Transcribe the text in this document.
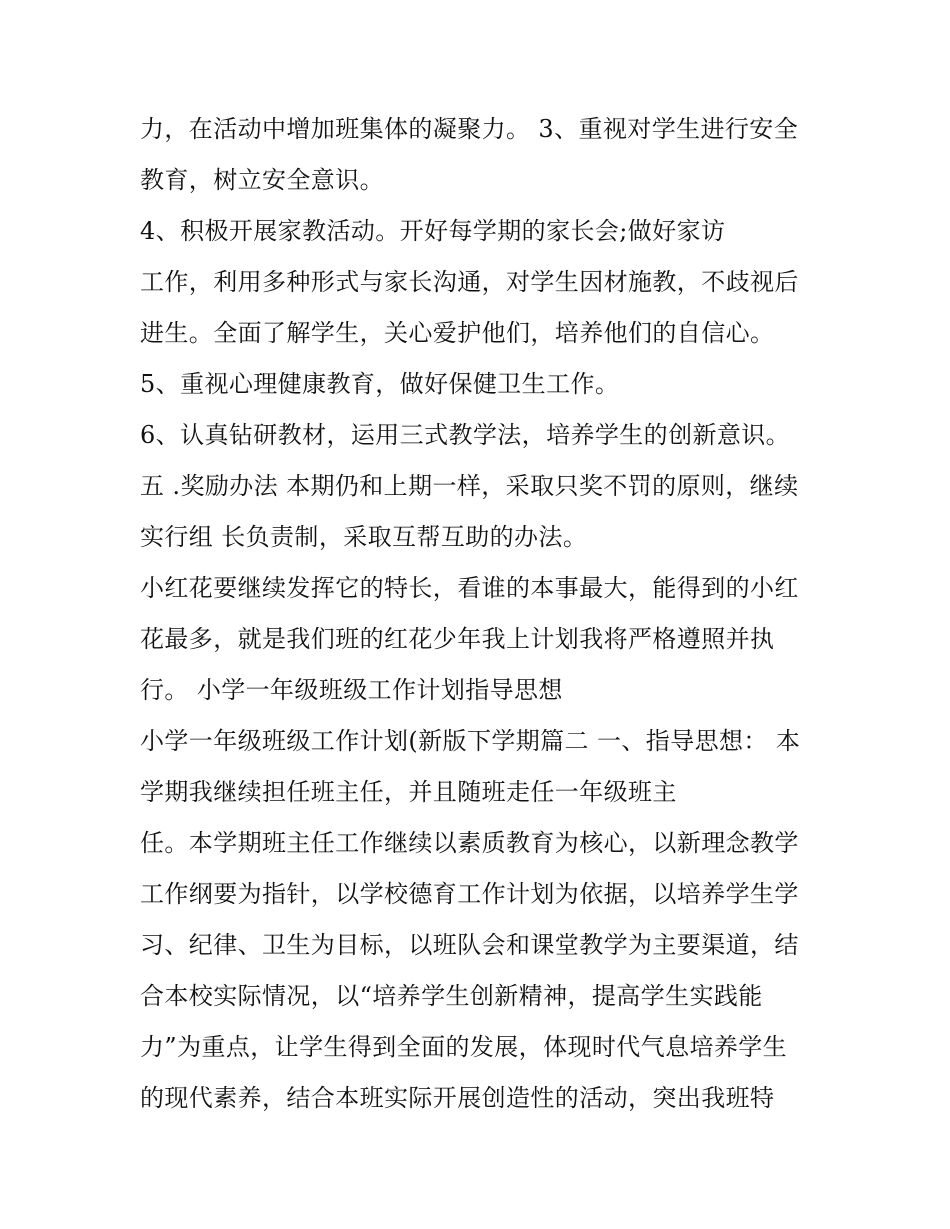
力，在活动中增加班集体的凝聚力。 3、重视对学生进行安全
教育，树立安全意识。
4、积极开展家教活动。开好每学期的家长会;做好家访
工作，利用多种形式与家长沟通，对学生因材施教，不歧视后
进生。全面了解学生，关心爱护他们，培养他们的自信心。
5、重视心理健康教育，做好保健卫生工作。
6、认真钻研教材，运用三式教学法，培养学生的创新意识。
五 .奖励办法 本期仍和上期一样，采取只奖不罚的原则，继续
实行组 长负责制，采取互帮互助的办法。
小红花要继续发挥它的特长，看谁的本事最大，能得到的小红
花最多，就是我们班的红花少年我上计划我将严格遵照并执
行。 小学一年级班级工作计划指导思想
小学一年级班级工作计划(新版下学期篇二 一、指导思想： 本
学期我继续担任班主任，并且随班走任一年级班主
任。本学期班主任工作继续以素质教育为核心，以新理念教学
工作纲要为指针，以学校德育工作计划为依据，以培养学生学
习、纪律、卫生为目标，以班队会和课堂教学为主要渠道，结
合本校实际情况，以“培养学生创新精神，提高学生实践能
力”为重点，让学生得到全面的发展，体现时代气息培养学生
的现代素养，结合本班实际开展创造性的活动，突出我班特
